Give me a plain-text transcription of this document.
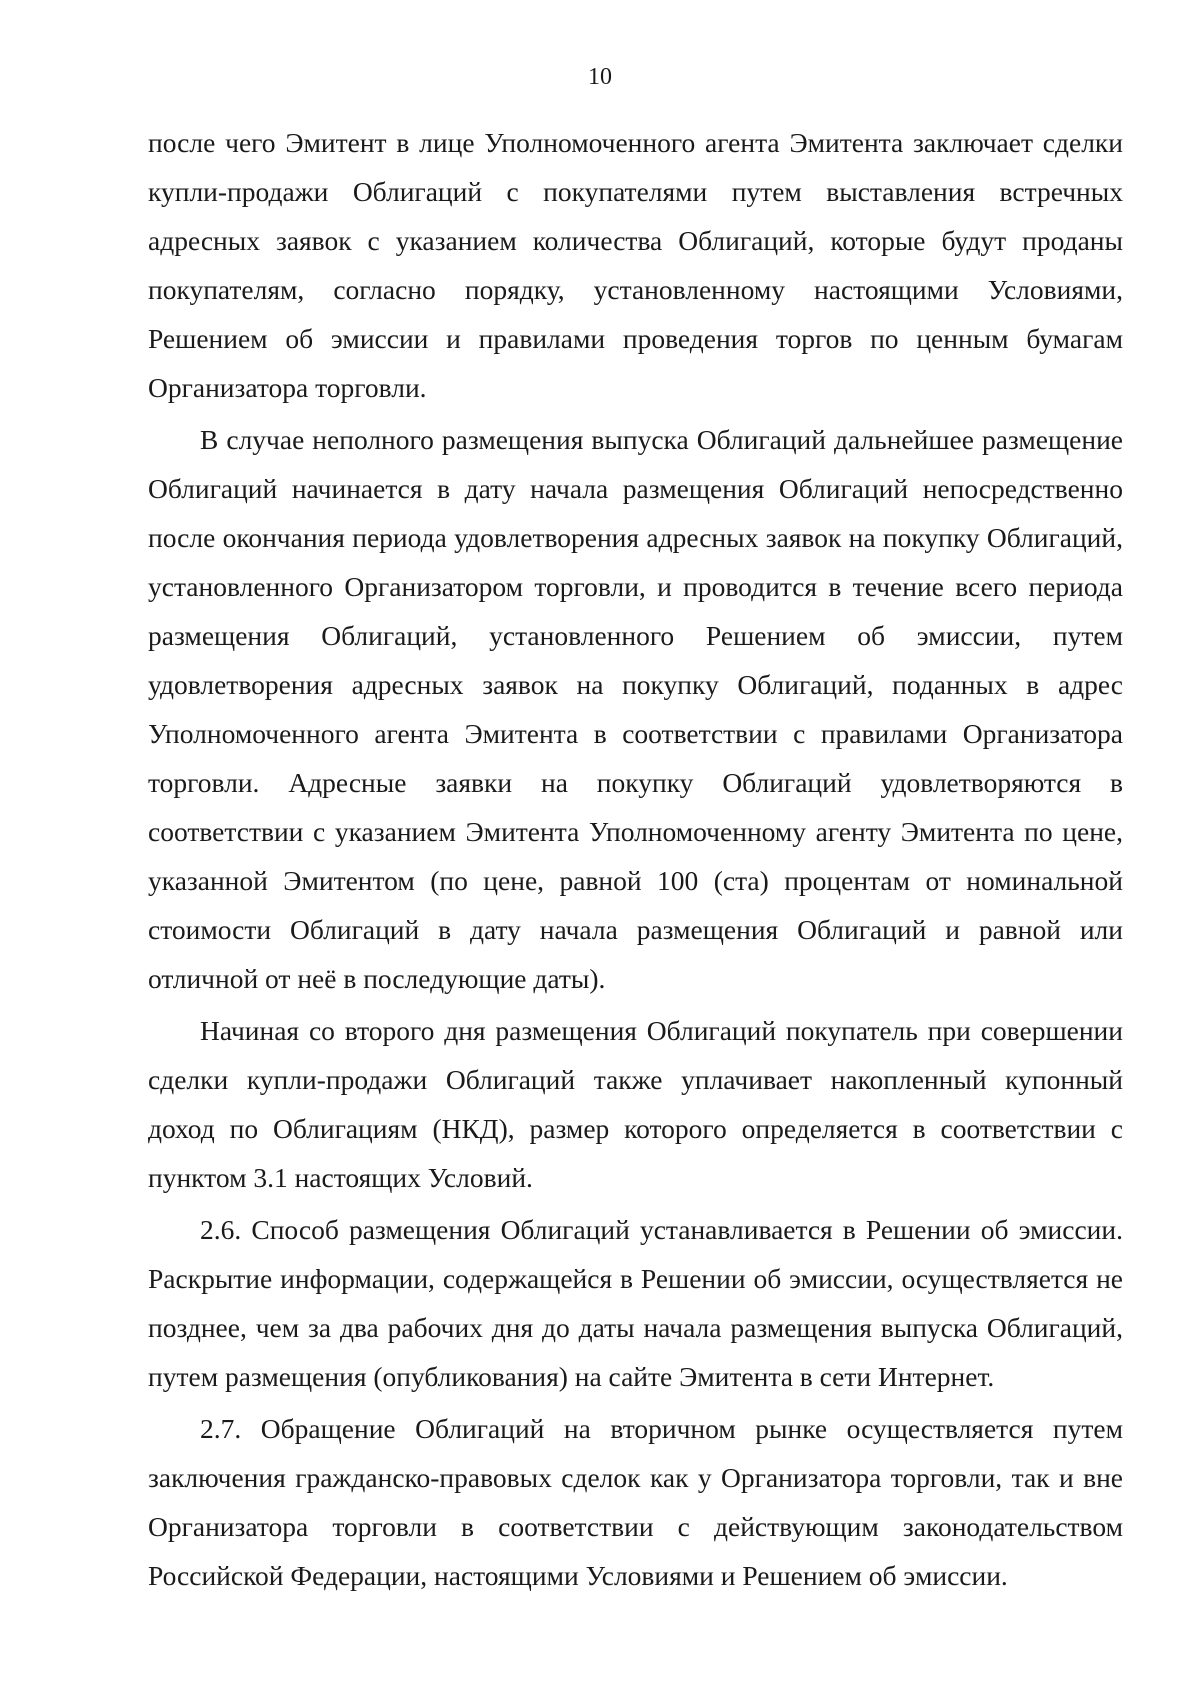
10

после чего Эмитент в лице Уполномоченного агента Эмитента заключает сделки купли-продажи Облигаций с покупателями путем выставления встречных адресных заявок с указанием количества Облигаций, которые будут проданы покупателям, согласно порядку, установленному настоящими Условиями, Решением об эмиссии и правилами проведения торгов по ценным бумагам Организатора торговли.

В случае неполного размещения выпуска Облигаций дальнейшее размещение Облигаций начинается в дату начала размещения Облигаций непосредственно после окончания периода удовлетворения адресных заявок на покупку Облигаций, установленного Организатором торговли, и проводится в течение всего периода размещения Облигаций, установленного Решением об эмиссии, путем удовлетворения адресных заявок на покупку Облигаций, поданных в адрес Уполномоченного агента Эмитента в соответствии с правилами Организатора торговли. Адресные заявки на покупку Облигаций удовлетворяются в соответствии с указанием Эмитента Уполномоченному агенту Эмитента по цене, указанной Эмитентом (по цене, равной 100 (ста) процентам от номинальной стоимости Облигаций в дату начала размещения Облигаций и равной или отличной от неё в последующие даты).

Начиная со второго дня размещения Облигаций покупатель при совершении сделки купли-продажи Облигаций также уплачивает накопленный купонный доход по Облигациям (НКД), размер которого определяется в соответствии с пунктом 3.1 настоящих Условий.

2.6. Способ размещения Облигаций устанавливается в Решении об эмиссии. Раскрытие информации, содержащейся в Решении об эмиссии, осуществляется не позднее, чем за два рабочих дня до даты начала размещения выпуска Облигаций, путем размещения (опубликования) на сайте Эмитента в сети Интернет.

2.7. Обращение Облигаций на вторичном рынке осуществляется путем заключения гражданско-правовых сделок как у Организатора торговли, так и вне Организатора торговли в соответствии с действующим законодательством Российской Федерации, настоящими Условиями и Решением об эмиссии.
